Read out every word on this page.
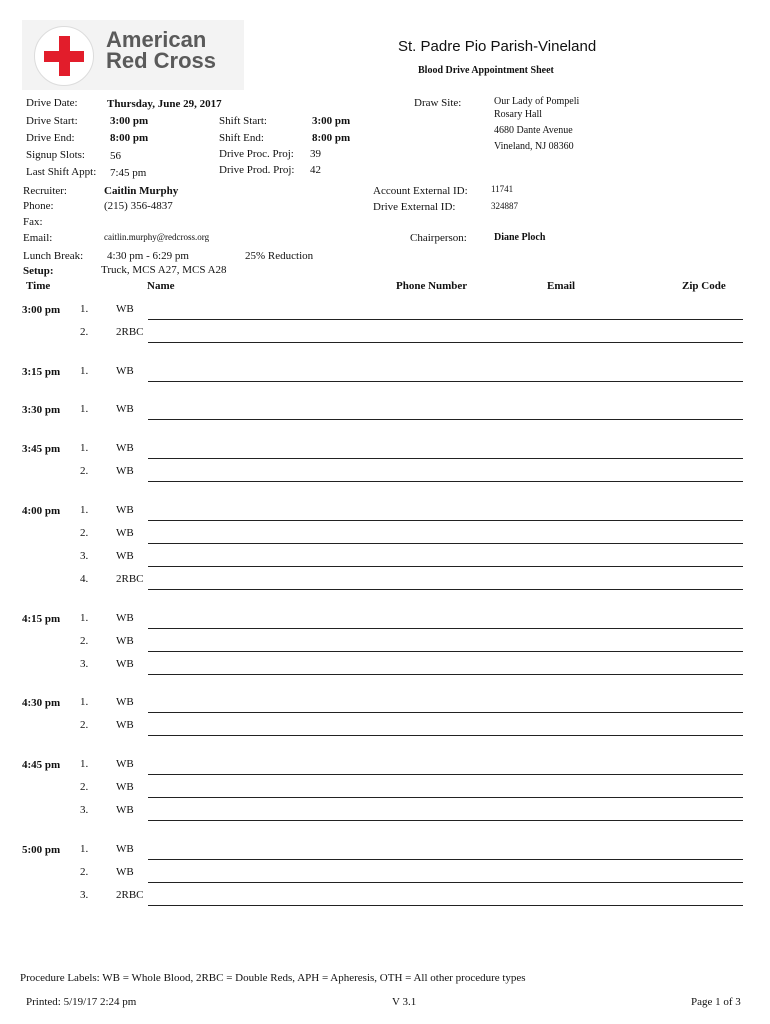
American
Red Cross
St. Padre Pio Parish-Vineland
Blood Drive Appointment Sheet
Drive Date:	Thursday, June 29, 2017
Drive Start:	3:00 pm
Drive End:	8:00 pm
Signup Slots: 56
Last Shift Appt: 7:45 pm
Shift Start:	3:00 pm
Shift End:	8:00 pm
Drive Proc. Proj: 39
Drive Prod. Proj: 42
Draw Site:	Our Lady of Pompeli
Rosary Hall
4680 Dante Avenue
Vineland, NJ 08360
Recruiter:	Caitlin Murphy
Phone:	(215) 356-4837
Fax:
Email:	caitlin.murphy@redcross.org
Account External ID:	11741
Drive External ID:	324887
Chairperson:	Diane Ploch
Lunch Break: 4:30 pm - 6:29 pm	25% Reduction
Setup:	Truck, MCS A27, MCS A28
Time	Name	Phone Number	Email	Zip Code
3:00 pm 1.	WB
2.	2RBC
3:15 pm 1.	WB
3:30 pm 1.	WB
3:45 pm 1.	WB
2.	WB
4:00 pm 1.	WB
2.	WB
3.	WB
4.	2RBC
4:15 pm 1.	WB
2.	WB
3.	WB
4:30 pm 1.	WB
2.	WB
4:45 pm 1.	WB
2.	WB
3.	WB
5:00 pm 1.	WB
2.	WB
3.	2RBC
Procedure Labels: WB = Whole Blood, 2RBC = Double Reds, APH = Apheresis, OTH = All other procedure types
Printed: 5/19/17 2:24 pm	V 3.1	Page 1 of 3
